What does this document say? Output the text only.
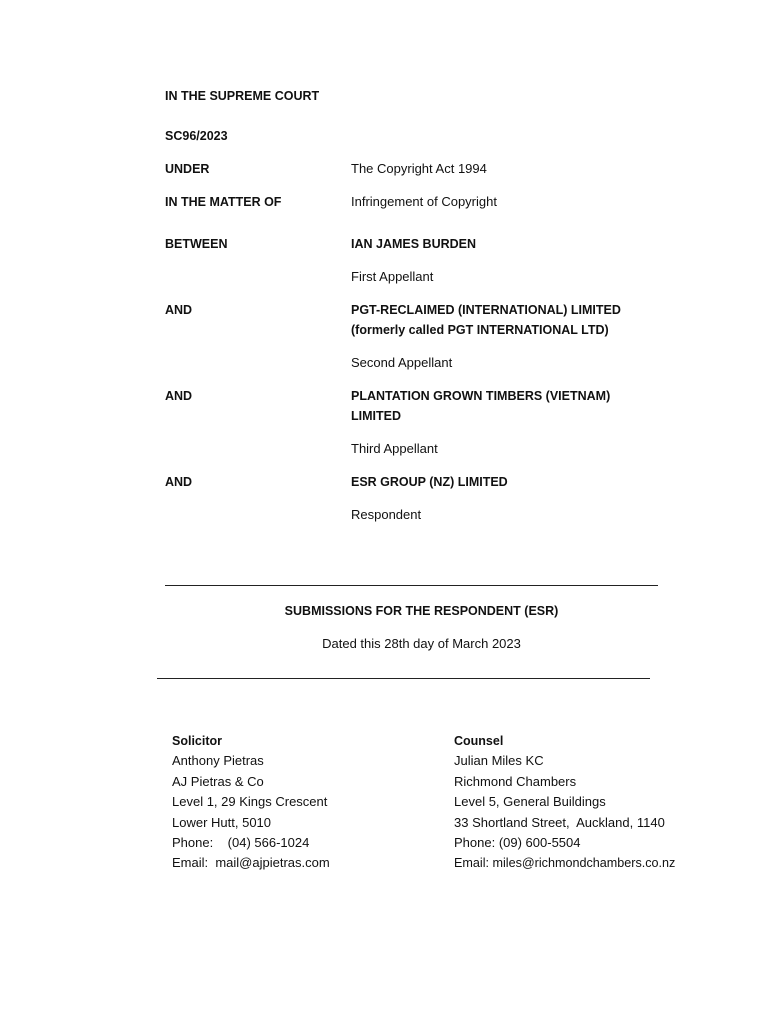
IN THE SUPREME COURT
SC96/2023
UNDER	The Copyright Act 1994
IN THE MATTER OF	Infringement of Copyright
BETWEEN	IAN JAMES BURDEN
First Appellant
AND	PGT-RECLAIMED (INTERNATIONAL) LIMITED
(formerly called PGT INTERNATIONAL LTD)
Second Appellant
AND	PLANTATION GROWN TIMBERS (VIETNAM)
LIMITED
Third Appellant
AND	ESR GROUP (NZ) LIMITED
Respondent
SUBMISSIONS FOR THE RESPONDENT (ESR)
Dated this 28th day of March 2023
Solicitor
Anthony Pietras
AJ Pietras & Co
Level 1, 29 Kings Crescent
Lower Hutt, 5010
Phone:    (04) 566-1024
Email:  mail@ajpietras.com
Counsel
Julian Miles KC
Richmond Chambers
Level 5, General Buildings
33 Shortland Street,  Auckland, 1140
Phone: (09) 600-5504
Email: miles@richmondchambers.co.nz
